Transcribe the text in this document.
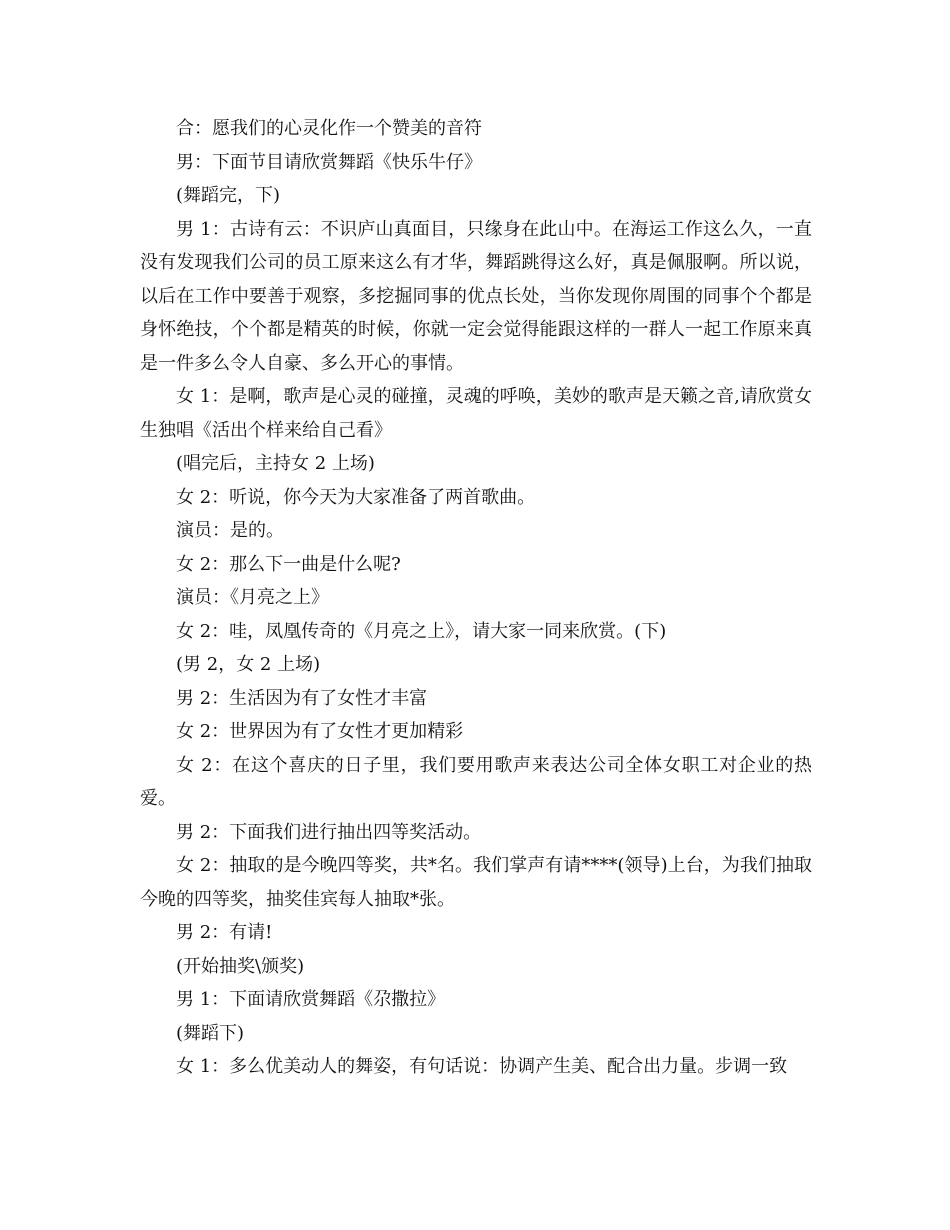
合：愿我们的心灵化作一个赞美的音符

男：下面节目请欣赏舞蹈《快乐牛仔》

(舞蹈完，下)

男 1：古诗有云：不识庐山真面目，只缘身在此山中。在海运工作这么久，一直没有发现我们公司的员工原来这么有才华，舞蹈跳得这么好，真是佩服啊。所以说，以后在工作中要善于观察，多挖掘同事的优点长处，当你发现你周围的同事个个都是身怀绝技，个个都是精英的时候，你就一定会觉得能跟这样的一群人一起工作原来真是一件多么令人自豪、多么开心的事情。

女 1：是啊，歌声是心灵的碰撞，灵魂的呼唤，美妙的歌声是天籁之音,请欣赏女生独唱《活出个样来给自己看》

(唱完后，主持女 2 上场)

女 2：听说，你今天为大家准备了两首歌曲。

演员：是的。

女 2：那么下一曲是什么呢?

演员：《月亮之上》

女 2：哇，凤凰传奇的《月亮之上》，请大家一同来欣赏。(下)

(男 2，女 2 上场)

男 2：生活因为有了女性才丰富

女 2：世界因为有了女性才更加精彩

女 2：在这个喜庆的日子里，我们要用歌声来表达公司全体女职工对企业的热爱。

男 2：下面我们进行抽出四等奖活动。

女 2：抽取的是今晚四等奖，共*名。我们掌声有请****(领导)上台，为我们抽取今晚的四等奖，抽奖佳宾每人抽取*张。

男 2：有请!

(开始抽奖\颁奖)

男 1：下面请欣赏舞蹈《尕撒拉》

(舞蹈下)

女 1：多么优美动人的舞姿，有句话说：协调产生美、配合出力量。步调一致
